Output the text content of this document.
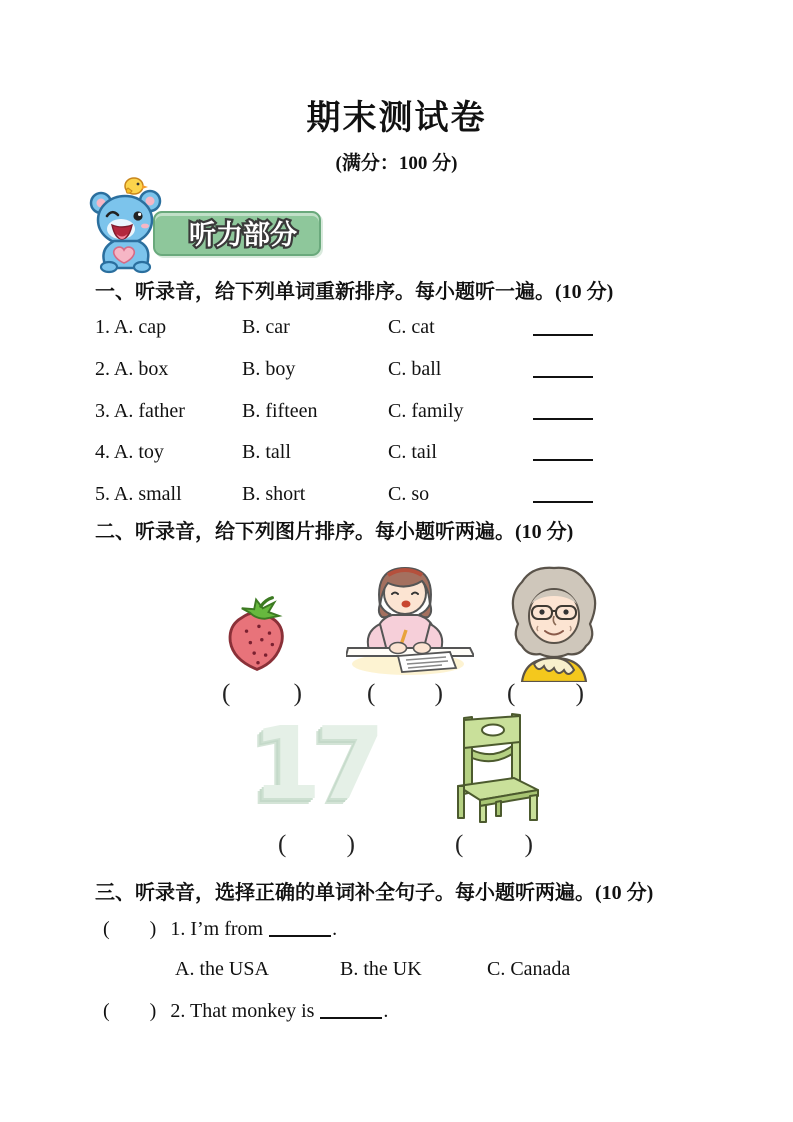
期末测试卷
(满分：100 分)
听力部分
一、听录音，给下列单词重新排序。每小题听一遍。(10 分)
1. A. cap	B. car	C. cat
2. A. box	B. boy	C. ball
3. A. father	B. fifteen	C. family
4. A. toy	B. tall	C. tail
5. A. small	B. short	C. so
二、听录音，给下列图片排序。每小题听两遍。(10 分)
(	)	( )	( )
17
( )	( )
三、听录音，选择正确的单词补全句子。每小题听两遍。(10 分)
( ) 1. I’m from	.
A. the USA	B. the UK	C. Canada
( ) 2. That monkey is	.
